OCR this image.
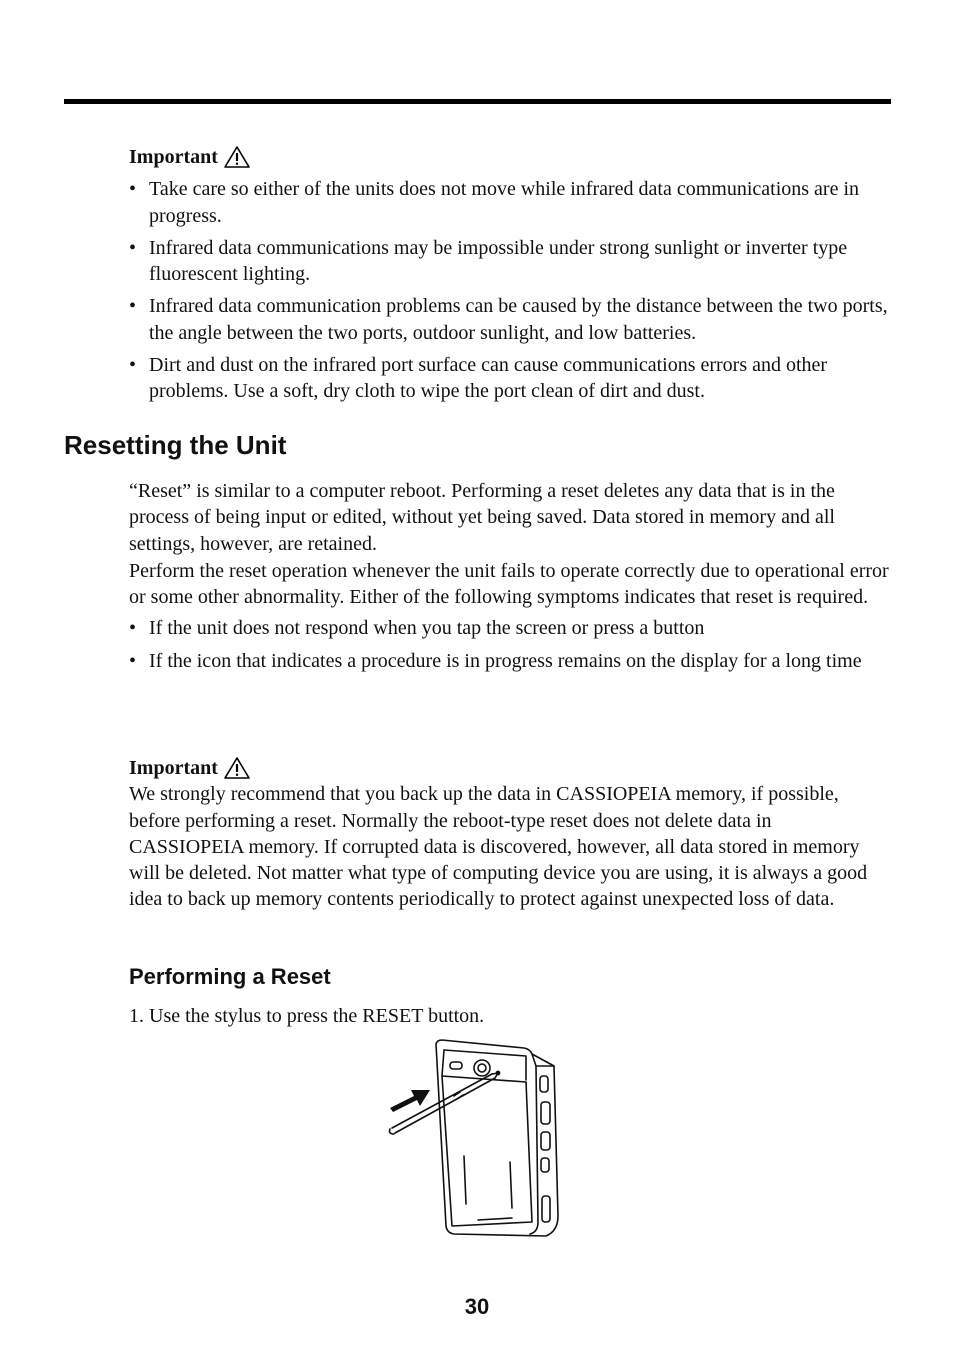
Important
• Take care so either of the units does not move while infrared data communications are in progress.
• Infrared data communications may be impossible under strong sunlight or inverter type fluorescent lighting.
• Infrared data communication problems can be caused by the distance between the two ports, the angle between the two ports, outdoor sunlight, and low batteries.
• Dirt and dust on the infrared port surface can cause communications errors and other problems. Use a soft, dry cloth to wipe the port clean of dirt and dust.
Resetting the Unit

“Reset” is similar to a computer reboot. Performing a reset deletes any data that is in the process of being input or edited, without yet being saved. Data stored in memory and all settings, however, are retained.

Perform the reset operation whenever the unit fails to operate correctly due to operational error or some other abnormality. Either of the following symptoms indicates that reset is required.

• If the unit does not respond when you tap the screen or press a button
• If the icon that indicates a procedure is in progress remains on the display for a long time
Important

We strongly recommend that you back up the data in CASSIOPEIA memory, if possible, before performing a reset. Normally the reboot-type reset does not delete data in CASSIOPEIA memory. If corrupted data is discovered, however, all data stored in memory will be deleted. Not matter what type of computing device you are using, it is always a good idea to back up memory contents periodically to protect against unexpected loss of data.

Performing a Reset

1. Use the stylus to press the RESET button.

30
